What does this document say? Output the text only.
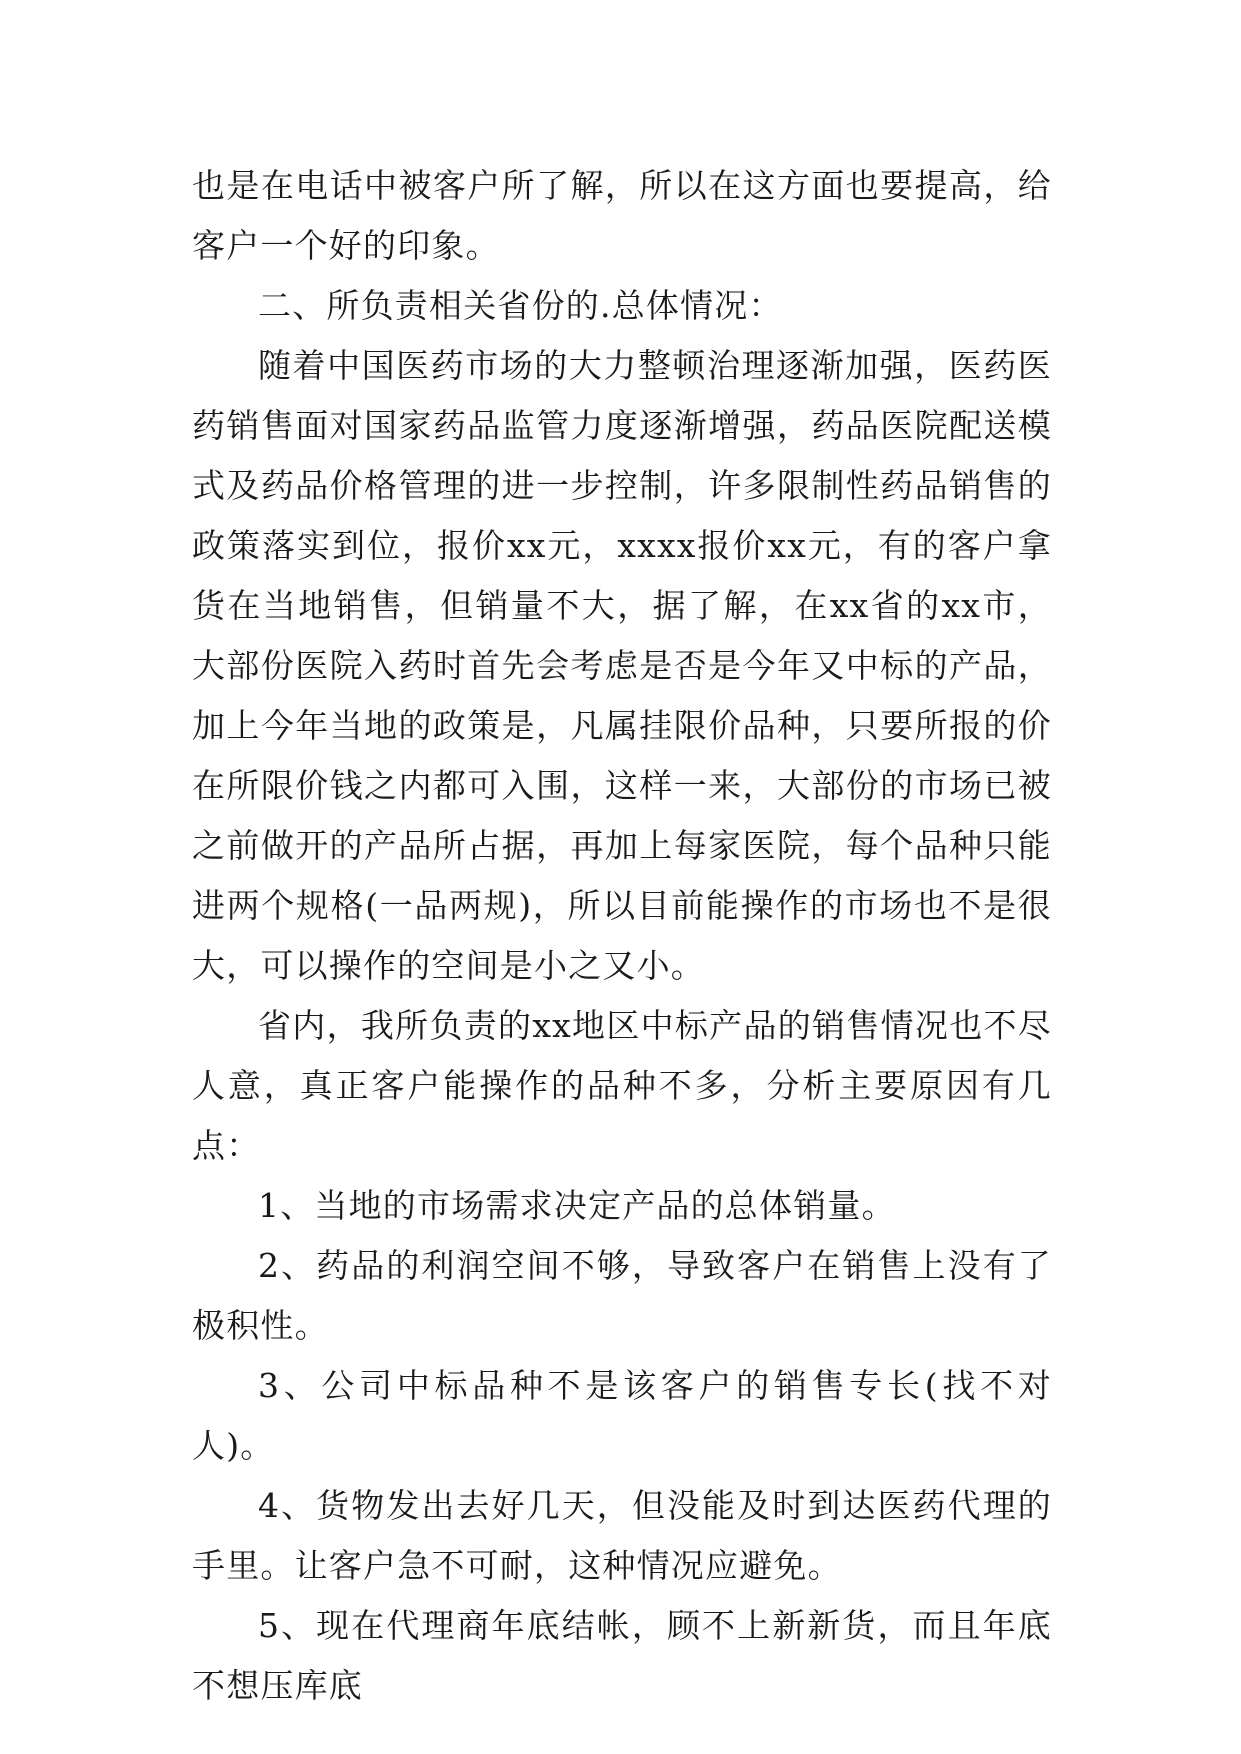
也是在电话中被客户所了解，所以在这方面也要提高，给客户一个好的印象。

二、所负责相关省份的.总体情况：

随着中国医药市场的大力整顿治理逐渐加强，医药医药销售面对国家药品监管力度逐渐增强，药品医院配送模式及药品价格管理的进一步控制，许多限制性药品销售的政策落实到位，报价xx元，xxxx报价xx元，有的客户拿货在当地销售，但销量不大，据了解，在xx省的xx市，大部份医院入药时首先会考虑是否是今年又中标的产品，加上今年当地的政策是，凡属挂限价品种，只要所报的价在所限价钱之内都可入围，这样一来，大部份的市场已被之前做开的产品所占据，再加上每家医院，每个品种只能进两个规格(一品两规)，所以目前能操作的市场也不是很大，可以操作的空间是小之又小。

省内，我所负责的xx地区中标产品的销售情况也不尽人意，真正客户能操作的品种不多，分析主要原因有几点：

1、当地的市场需求决定产品的总体销量。

2、药品的利润空间不够，导致客户在销售上没有了极积性。

3、公司中标品种不是该客户的销售专长(找不对人)。

4、货物发出去好几天，但没能及时到达医药代理的手里。让客户急不可耐，这种情况应避免。

5、现在代理商年底结帐，顾不上新新货，而且年底不想压库底
